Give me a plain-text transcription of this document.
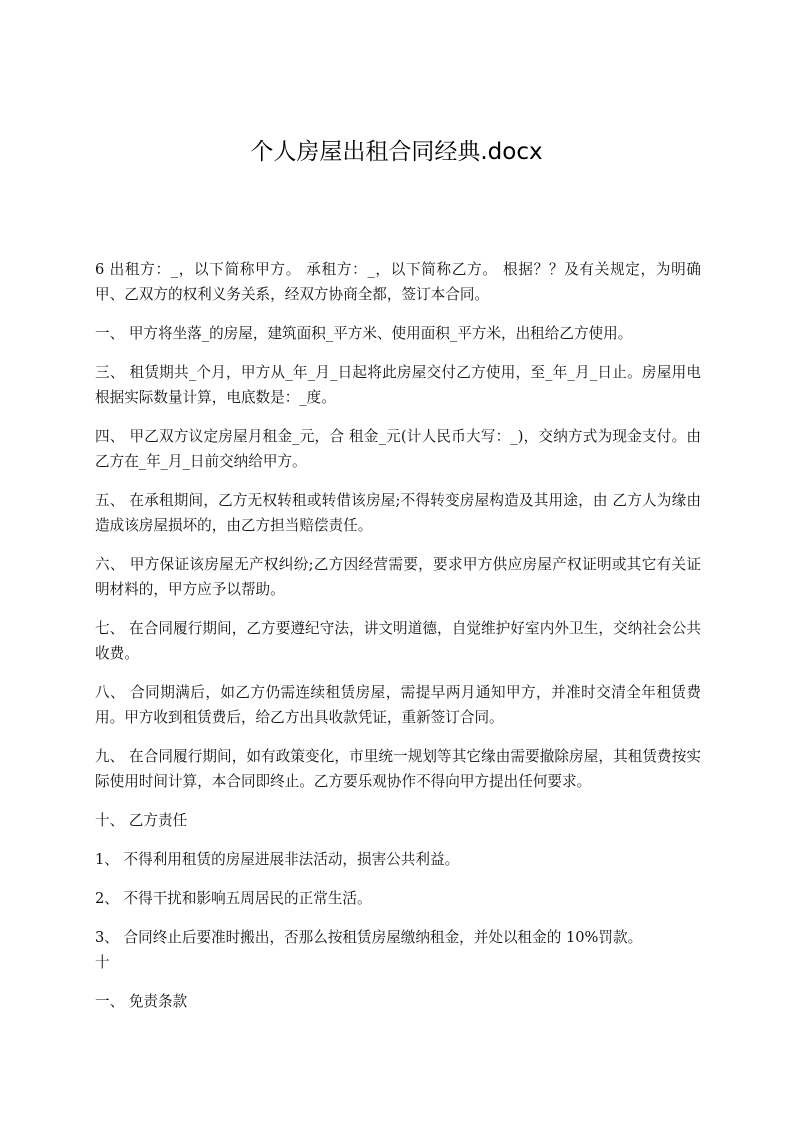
个人房屋出租合同经典.docx

6 出租方：_，以下简称甲方。 承租方：_，以下简称乙方。 根据？？及有关规定，为明确甲、乙双方的权利义务关系，经双方协商全都，签订本合同。

一、 甲方将坐落_的房屋，建筑面积_平方米、使用面积_平方米，出租给乙方使用。

三、 租赁期共_个月，甲方从_年_月_日起将此房屋交付乙方使用，至_年_月_日止。房屋用电根据实际数量计算，电底数是：_度。

四、 甲乙双方议定房屋月租金_元，合 租金_元(计人民币大写：_)，交纳方式为现金支付。由乙方在_年_月_日前交纳给甲方。

五、 在承租期间，乙方无权转租或转借该房屋;不得转变房屋构造及其用途，由 乙方人为缘由造成该房屋损坏的，由乙方担当赔偿责任。

六、 甲方保证该房屋无产权纠纷;乙方因经营需要，要求甲方供应房屋产权证明或其它有关证明材料的，甲方应予以帮助。

七、 在合同履行期间，乙方要遵纪守法，讲文明道德，自觉维护好室内外卫生，交纳社会公共收费。

八、 合同期满后，如乙方仍需连续租赁房屋，需提早两月通知甲方，并准时交清全年租赁费用。甲方收到租赁费后，给乙方出具收款凭证，重新签订合同。

九、 在合同履行期间，如有政策变化，市里统一规划等其它缘由需要撤除房屋，其租赁费按实际使用时间计算，本合同即终止。乙方要乐观协作不得向甲方提出任何要求。

十、 乙方责任

1、 不得利用租赁的房屋进展非法活动，损害公共利益。

2、 不得干扰和影响五周居民的正常生活。

3、 合同终止后要准时搬出，否那么按租赁房屋缴纳租金，并处以租金的 10%罚款。

十

一、 免责条款
